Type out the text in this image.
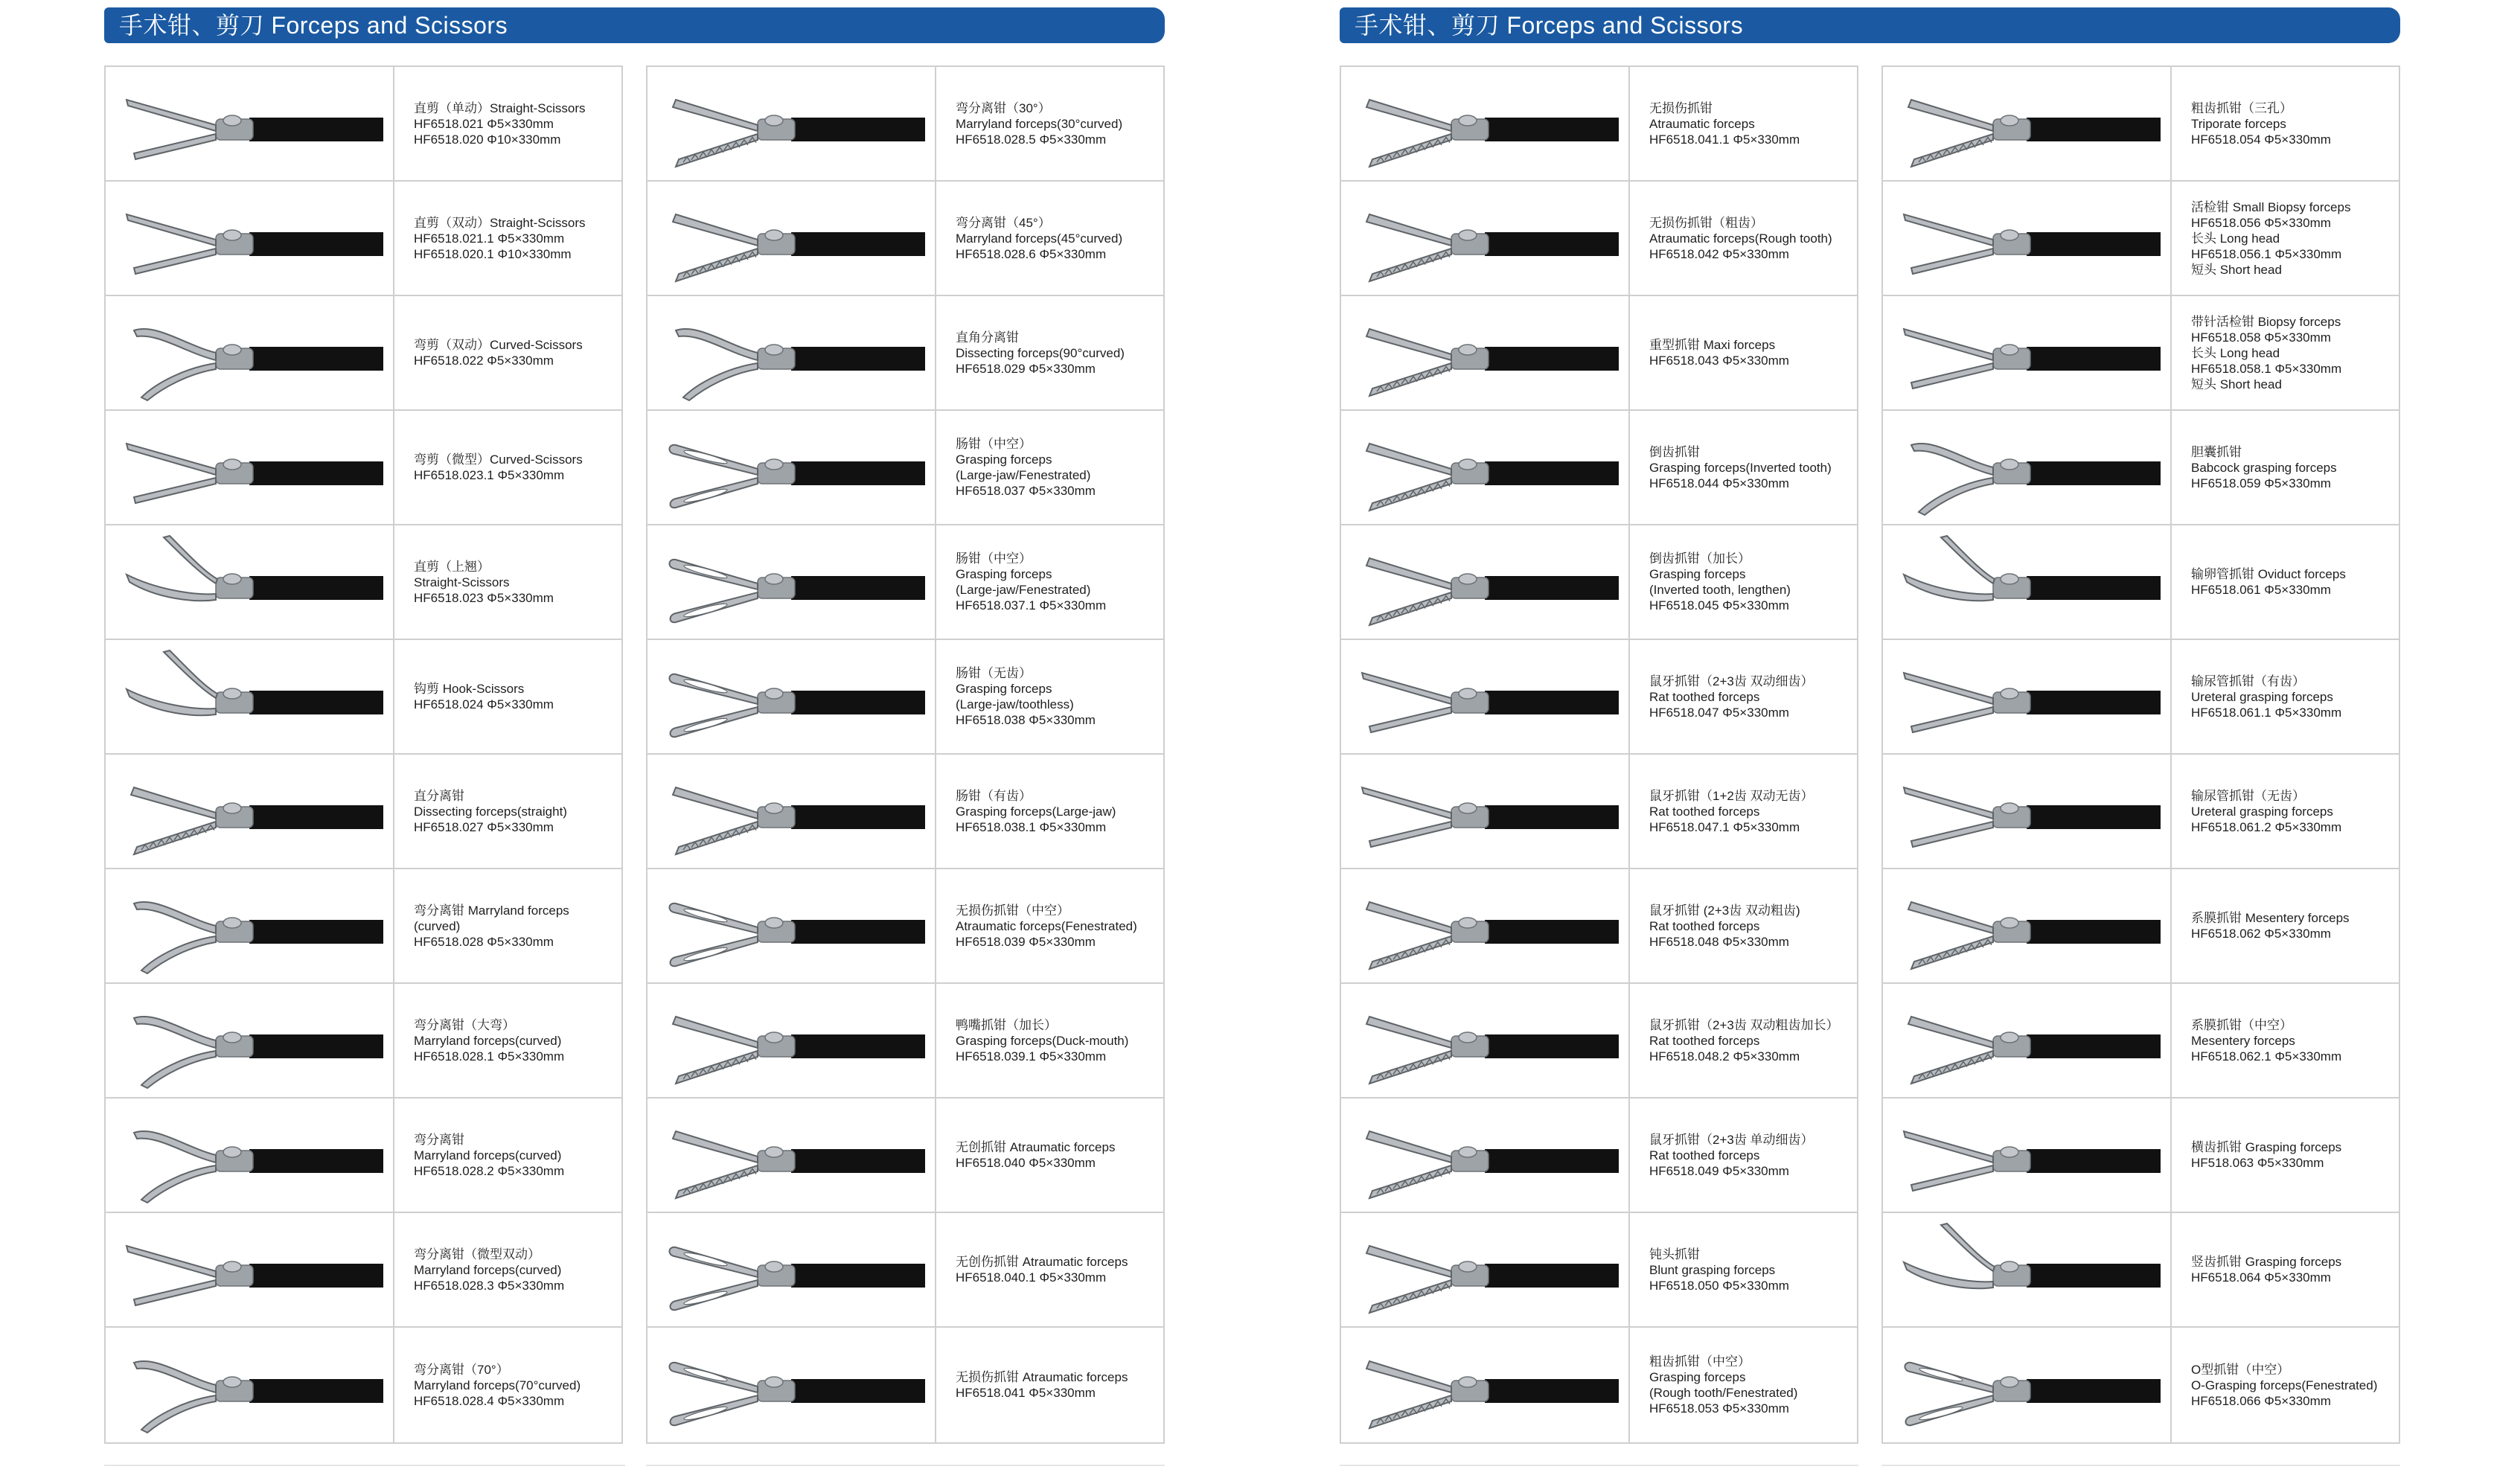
手术钳、剪刀 Forceps and Scissors
直剪（单动）Straight-Scissors
HF6518.021 Φ5×330mm
HF6518.020 Φ10×330mm
直剪（双动）Straight-Scissors
HF6518.021.1 Φ5×330mm
HF6518.020.1 Φ10×330mm
弯剪（双动）Curved-Scissors
HF6518.022 Φ5×330mm
弯剪（微型）Curved-Scissors
HF6518.023.1 Φ5×330mm
直剪（上翘）
Straight-Scissors
HF6518.023 Φ5×330mm
钩剪 Hook-Scissors
HF6518.024 Φ5×330mm
直分离钳
Dissecting forceps(straight)
HF6518.027 Φ5×330mm
弯分离钳 Marryland forceps
(curved)
HF6518.028 Φ5×330mm
弯分离钳（大弯）
Marryland forceps(curved)
HF6518.028.1 Φ5×330mm
弯分离钳
Marryland forceps(curved)
HF6518.028.2 Φ5×330mm
弯分离钳（微型双动）
Marryland forceps(curved)
HF6518.028.3 Φ5×330mm
弯分离钳（70°）
Marryland forceps(70°curved)
HF6518.028.4 Φ5×330mm
弯分离钳（30°）
Marryland forceps(30°curved)
HF6518.028.5 Φ5×330mm
弯分离钳（45°）
Marryland forceps(45°curved)
HF6518.028.6 Φ5×330mm
直角分离钳
Dissecting forceps(90°curved)
HF6518.029 Φ5×330mm
肠钳（中空）
Grasping forceps
(Large-jaw/Fenestrated)
HF6518.037 Φ5×330mm
肠钳（中空）
Grasping forceps
(Large-jaw/Fenestrated)
HF6518.037.1 Φ5×330mm
肠钳（无齿）
Grasping forceps
(Large-jaw/toothless)
HF6518.038 Φ5×330mm
肠钳（有齿）
Grasping forceps(Large-jaw)
HF6518.038.1 Φ5×330mm
无损伤抓钳（中空）
Atraumatic forceps(Fenestrated)
HF6518.039 Φ5×330mm
鸭嘴抓钳（加长）
Grasping forceps(Duck-mouth)
HF6518.039.1 Φ5×330mm
无创抓钳 Atraumatic forceps
HF6518.040 Φ5×330mm
无创伤抓钳 Atraumatic forceps
HF6518.040.1 Φ5×330mm
无损伤抓钳 Atraumatic forceps
HF6518.041 Φ5×330mm
手术钳、剪刀 Forceps and Scissors
无损伤抓钳
Atraumatic forceps
HF6518.041.1 Φ5×330mm
无损伤抓钳（粗齿）
Atraumatic forceps(Rough tooth)
HF6518.042 Φ5×330mm
重型抓钳 Maxi forceps
HF6518.043 Φ5×330mm
倒齿抓钳
Grasping forceps(Inverted tooth)
HF6518.044 Φ5×330mm
倒齿抓钳（加长）
Grasping forceps
(Inverted tooth, lengthen)
HF6518.045 Φ5×330mm
鼠牙抓钳（2+3齿 双动细齿）
Rat toothed forceps
HF6518.047 Φ5×330mm
鼠牙抓钳（1+2齿 双动无齿）
Rat toothed forceps
HF6518.047.1 Φ5×330mm
鼠牙抓钳 (2+3齿 双动粗齿)
Rat toothed forceps
HF6518.048 Φ5×330mm
鼠牙抓钳（2+3齿 双动粗齿加长）
Rat toothed forceps
HF6518.048.2 Φ5×330mm
鼠牙抓钳（2+3齿 单动细齿）
Rat toothed forceps
HF6518.049 Φ5×330mm
钝头抓钳
Blunt grasping forceps
HF6518.050 Φ5×330mm
粗齿抓钳（中空）
Grasping forceps
(Rough tooth/Fenestrated)
HF6518.053 Φ5×330mm
粗齿抓钳（三孔）
Triporate forceps
HF6518.054 Φ5×330mm
活检钳 Small Biopsy forceps
HF6518.056 Φ5×330mm
长头 Long head
HF6518.056.1 Φ5×330mm
短头 Short head
带针活检钳 Biopsy forceps
HF6518.058 Φ5×330mm
长头 Long head
HF6518.058.1 Φ5×330mm
短头 Short head
胆囊抓钳
Babcock grasping forceps
HF6518.059 Φ5×330mm
输卵管抓钳 Oviduct forceps
HF6518.061 Φ5×330mm
输尿管抓钳（有齿）
Ureteral grasping forceps
HF6518.061.1 Φ5×330mm
输尿管抓钳（无齿）
Ureteral grasping forceps
HF6518.061.2 Φ5×330mm
系膜抓钳 Mesentery forceps
HF6518.062 Φ5×330mm
系膜抓钳（中空）
Mesentery forceps
HF6518.062.1 Φ5×330mm
横齿抓钳 Grasping forceps
HF518.063 Φ5×330mm
竖齿抓钳 Grasping forceps
HF6518.064 Φ5×330mm
O型抓钳（中空）
O-Grasping forceps(Fenestrated)
HF6518.066 Φ5×330mm
